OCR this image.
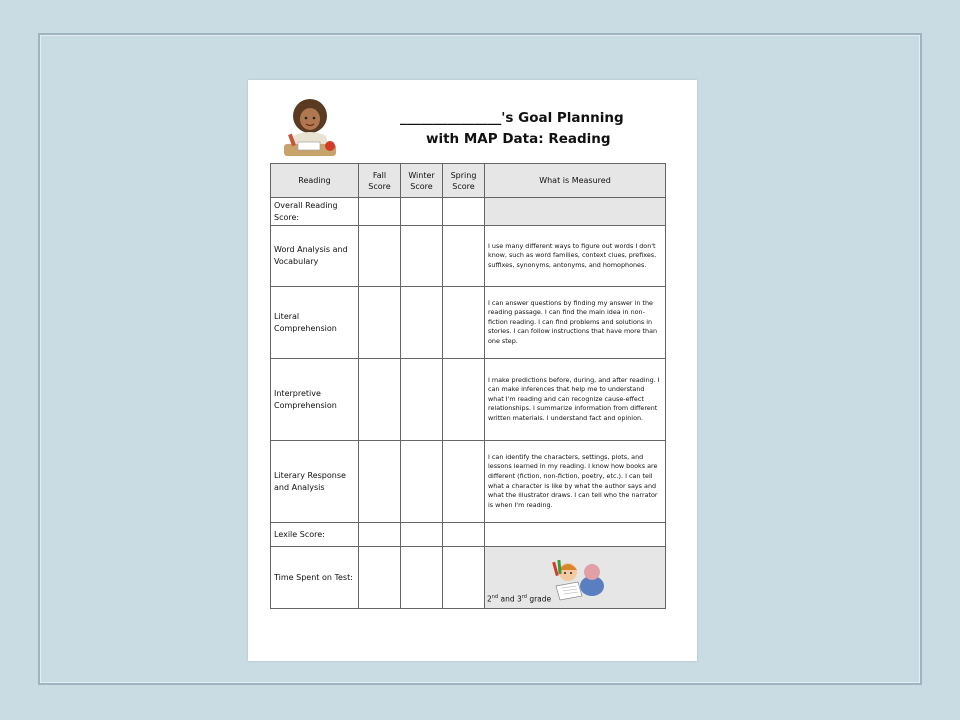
_______________'s Goal Planning

with MAP Data: Reading
Reading	Fall Score	Winter Score	Spring Score	What is Measured
Overall Reading Score:				
Word Analysis and Vocabulary				I use many different ways to figure out words I don't know, such as word families, context clues, prefixes, suffixes, synonyms, antonyms, and homophones.
Literal Comprehension				I can answer questions by finding my answer in the reading passage. I can find the main idea in non-fiction reading. I can find problems and solutions in stories. I can follow instructions that have more than one step.
Interpretive Comprehension				I make predictions before, during, and after reading. I can make inferences that help me to understand what I'm reading and can recognize cause-effect relationships. I summarize information from different written materials. I understand fact and opinion.
Literary Response and Analysis				I can identify the characters, settings, plots, and lessons learned in my reading. I know how books are different (fiction, non-fiction, poetry, etc.). I can tell what a character is like by what the author says and what the illustrator draws. I can tell who the narrator is when I'm reading.
Lexile Score:				
Time Spent on Test:				
2nd and 3rd grade
